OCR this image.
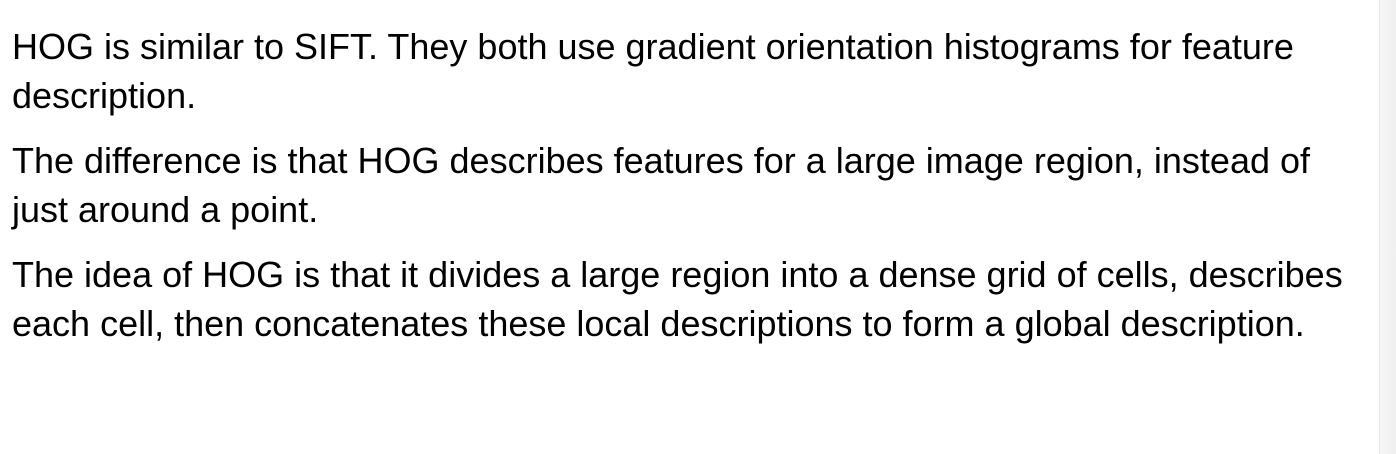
HOG is similar to SIFT. They both use gradient orientation histograms for feature description.

The difference is that HOG describes features for a large image region, instead of just around a point.

The idea of HOG is that it divides a large region into a dense grid of cells, describes each cell, then concatenates these local descriptions to form a global description.
